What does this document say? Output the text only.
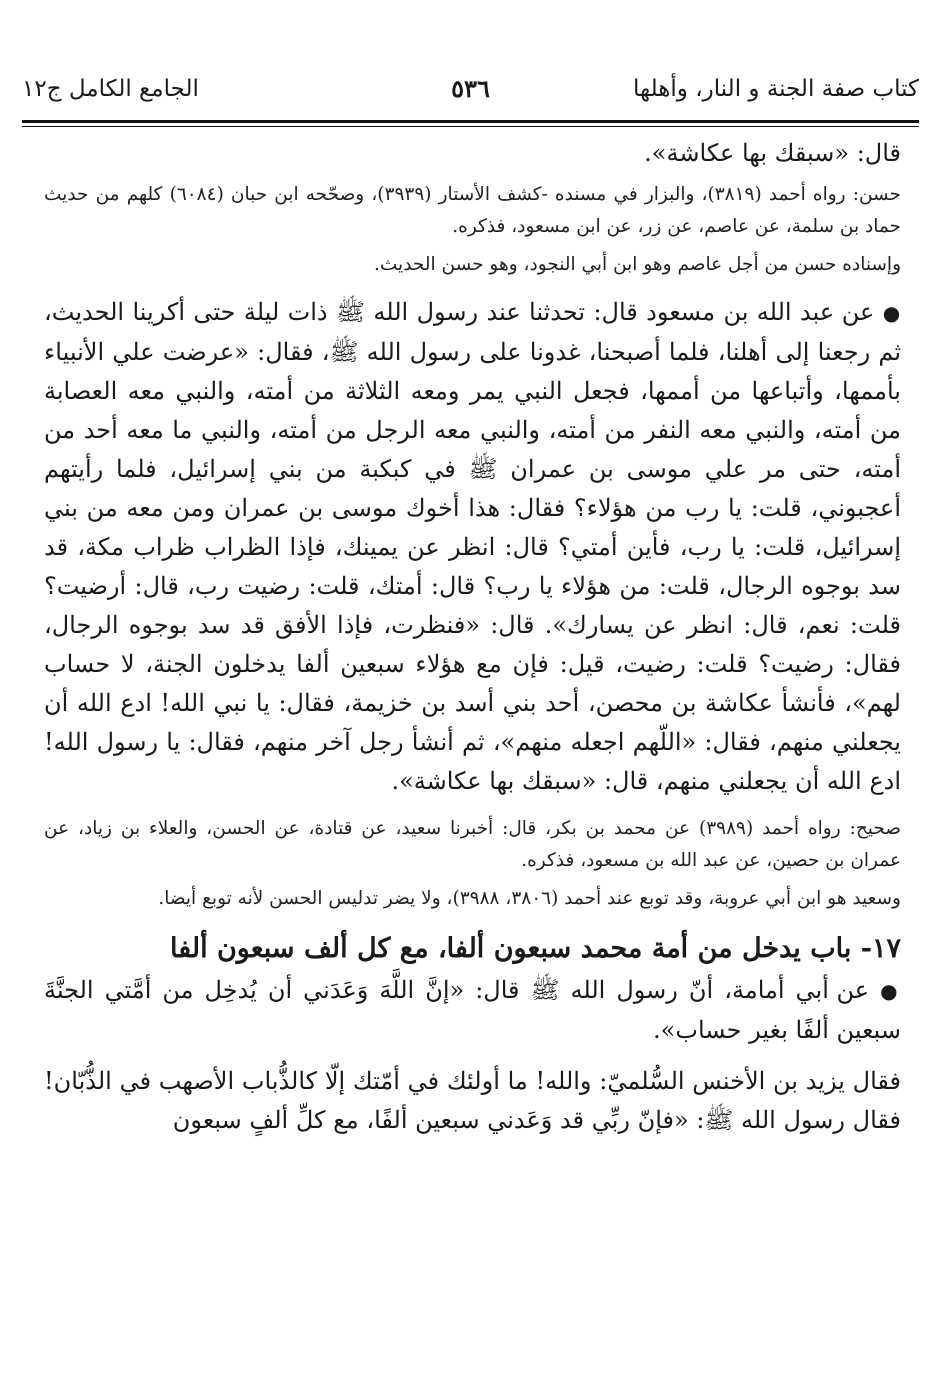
كتاب صفة الجنة و النار، وأهلها
٥٣٦
الجامع الكامل ج١٢

قال: «سبقك بها عكاشة».

حسن: رواه أحمد (٣٨١٩)، والبزار في مسنده -كشف الأستار (٣٩٣٩)، وصحّحه ابن حبان (٦٠٨٤) كلهم من حديث حماد بن سلمة، عن عاصم، عن زر، عن ابن مسعود، فذكره.

وإسناده حسن من أجل عاصم وهو ابن أبي النجود، وهو حسن الحديث.

● عن عبد الله بن مسعود قال: تحدثنا عند رسول الله ﷺ ذات ليلة حتى أكرينا الحديث، ثم رجعنا إلى أهلنا، فلما أصبحنا، غدونا على رسول الله ﷺ، فقال: «عرضت علي الأنبياء بأممها، وأتباعها من أممها، فجعل النبي يمر ومعه الثلاثة من أمته، والنبي معه العصابة من أمته، والنبي معه النفر من أمته، والنبي معه الرجل من أمته، والنبي ما معه أحد من أمته، حتى مر علي موسى بن عمران ﷺ في كبكبة من بني إسرائيل، فلما رأيتهم أعجبوني، قلت: يا رب من هؤلاء؟ فقال: هذا أخوك موسى بن عمران ومن معه من بني إسرائيل، قلت: يا رب، فأين أمتي؟ قال: انظر عن يمينك، فإذا الظراب ظراب مكة، قد سد بوجوه الرجال، قلت: من هؤلاء يا رب؟ قال: أمتك، قلت: رضيت رب، قال: أرضيت؟ قلت: نعم، قال: انظر عن يسارك». قال: «فنظرت، فإذا الأفق قد سد بوجوه الرجال، فقال: رضيت؟ قلت: رضيت، قيل: فإن مع هؤلاء سبعين ألفا يدخلون الجنة، لا حساب لهم»، فأنشأ عكاشة بن محصن، أحد بني أسد بن خزيمة، فقال: يا نبي الله! ادع الله أن يجعلني منهم، فقال: «اللّهم اجعله منهم»، ثم أنشأ رجل آخر منهم، فقال: يا رسول الله! ادع الله أن يجعلني منهم، قال: «سبقك بها عكاشة».

صحيح: رواه أحمد (٣٩٨٩) عن محمد بن بكر، قال: أخبرنا سعيد، عن قتادة، عن الحسن، والعلاء بن زياد، عن عمران بن حصين، عن عبد الله بن مسعود، فذكره.

وسعيد هو ابن أبي عروبة، وقد توبع عند أحمد (٣٨٠٦، ٣٩٨٨)، ولا يضر تدليس الحسن لأنه توبع أيضا.

١٧- باب يدخل من أمة محمد سبعون ألفا، مع كل ألف سبعون ألفا

● عن أبي أمامة، أنّ رسول الله ﷺ قال: «إنَّ اللَّهَ وَعَدَني أن يُدخِل من أمَّتي الجنَّةَ سبعين ألفًا بغير حساب».

فقال يزيد بن الأخنس السُّلميّ: والله! ما أولئك في أمّتك إلّا كالذُّباب الأصهب في الذُّبّان! فقال رسول الله ﷺ: «فإنّ ربِّي قد وَعَدني سبعين ألفًا، مع كلِّ ألفٍ سبعون
